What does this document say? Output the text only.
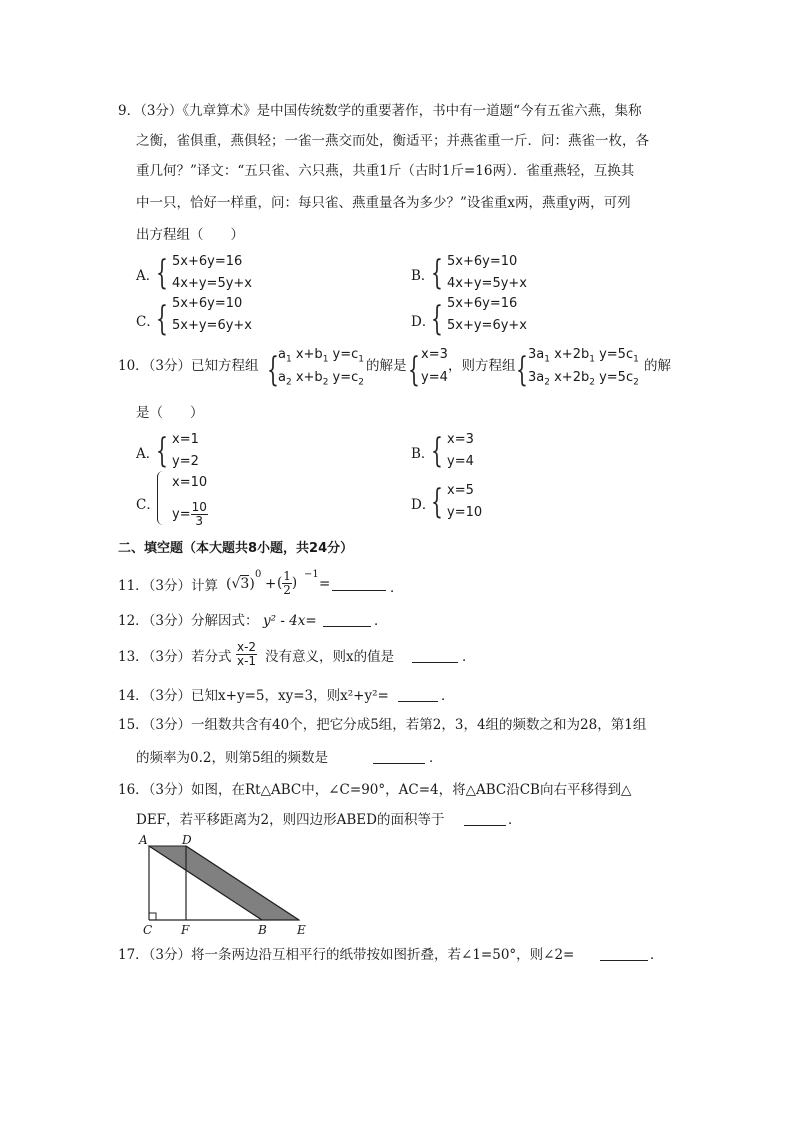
9．（3分）《九章算术》是中国传统数学的重要著作，书中有一道题“今有五雀六燕，集称
之衡，雀俱重，燕俱轻；一雀一燕交而处，衡适平；并燕雀重一斤．问：燕雀一枚，各
重几何？”译文：“五只雀、六只燕，共重1斤（古时1斤=16两）．雀重燕轻，互换其
中一只，恰好一样重，问：每只雀、燕重量各为多少？”设雀重x两，燕重y两，可列
出方程组（　　）
A．
{ 5x+6y=16
4x+y=5y+x	B．
{ 5x+6y=10
4x+y=5y+x
C．
{ 5x+6y=10
5x+y=6y+x	D．
{ 5x+6y=16
5x+y=6y+x
10．（3分）已知方程组 { $a_1$ $x+b_1$ $y=c_1$
$a_2$ $x+b_2$ $y=c_2$
的解是 { x=3
y=4
，则方程组 { $3a_1$ $x+2b_1$ $y=5c_1$
$3a_2$ $x+2b_2$ $y=5c_2$
的解
是（　　）
A．
{ x=1
y=2	B．
{ x=3
y=4
C．
x=10
$y= \frac{10}{3}$	D．
{ x=5
y=10
二、填空题（本大题共8小题，共24分）
11．（3分）计算 (√3)
0
+ ( $\frac{1}{2}$ )
−1
=	．
12．（3分）分解因式： y² - 4x=	．
13．（3分）若分式 $\frac{x-2}{x-1}$ 没有意义，则x的值是	．
14．（3分）已知x+y=5，xy=3，则x²+y²=	．
15．（3分）一组数共含有40个，把它分成5组，若第2，3，4组的频数之和为28，第1组
的频率为0.2，则第5组的频数是	．
16．（3分）如图，在Rt△ABC中，∠C=90°，AC=4，将△ABC沿CB向右平移得到△
DEF，若平移距离为2，则四边形ABED的面积等于	．
A	D
C F	B	E
17．（3分）将一条两边沿互相平行的纸带按如图折叠，若∠1=50°，则∠2=	．
